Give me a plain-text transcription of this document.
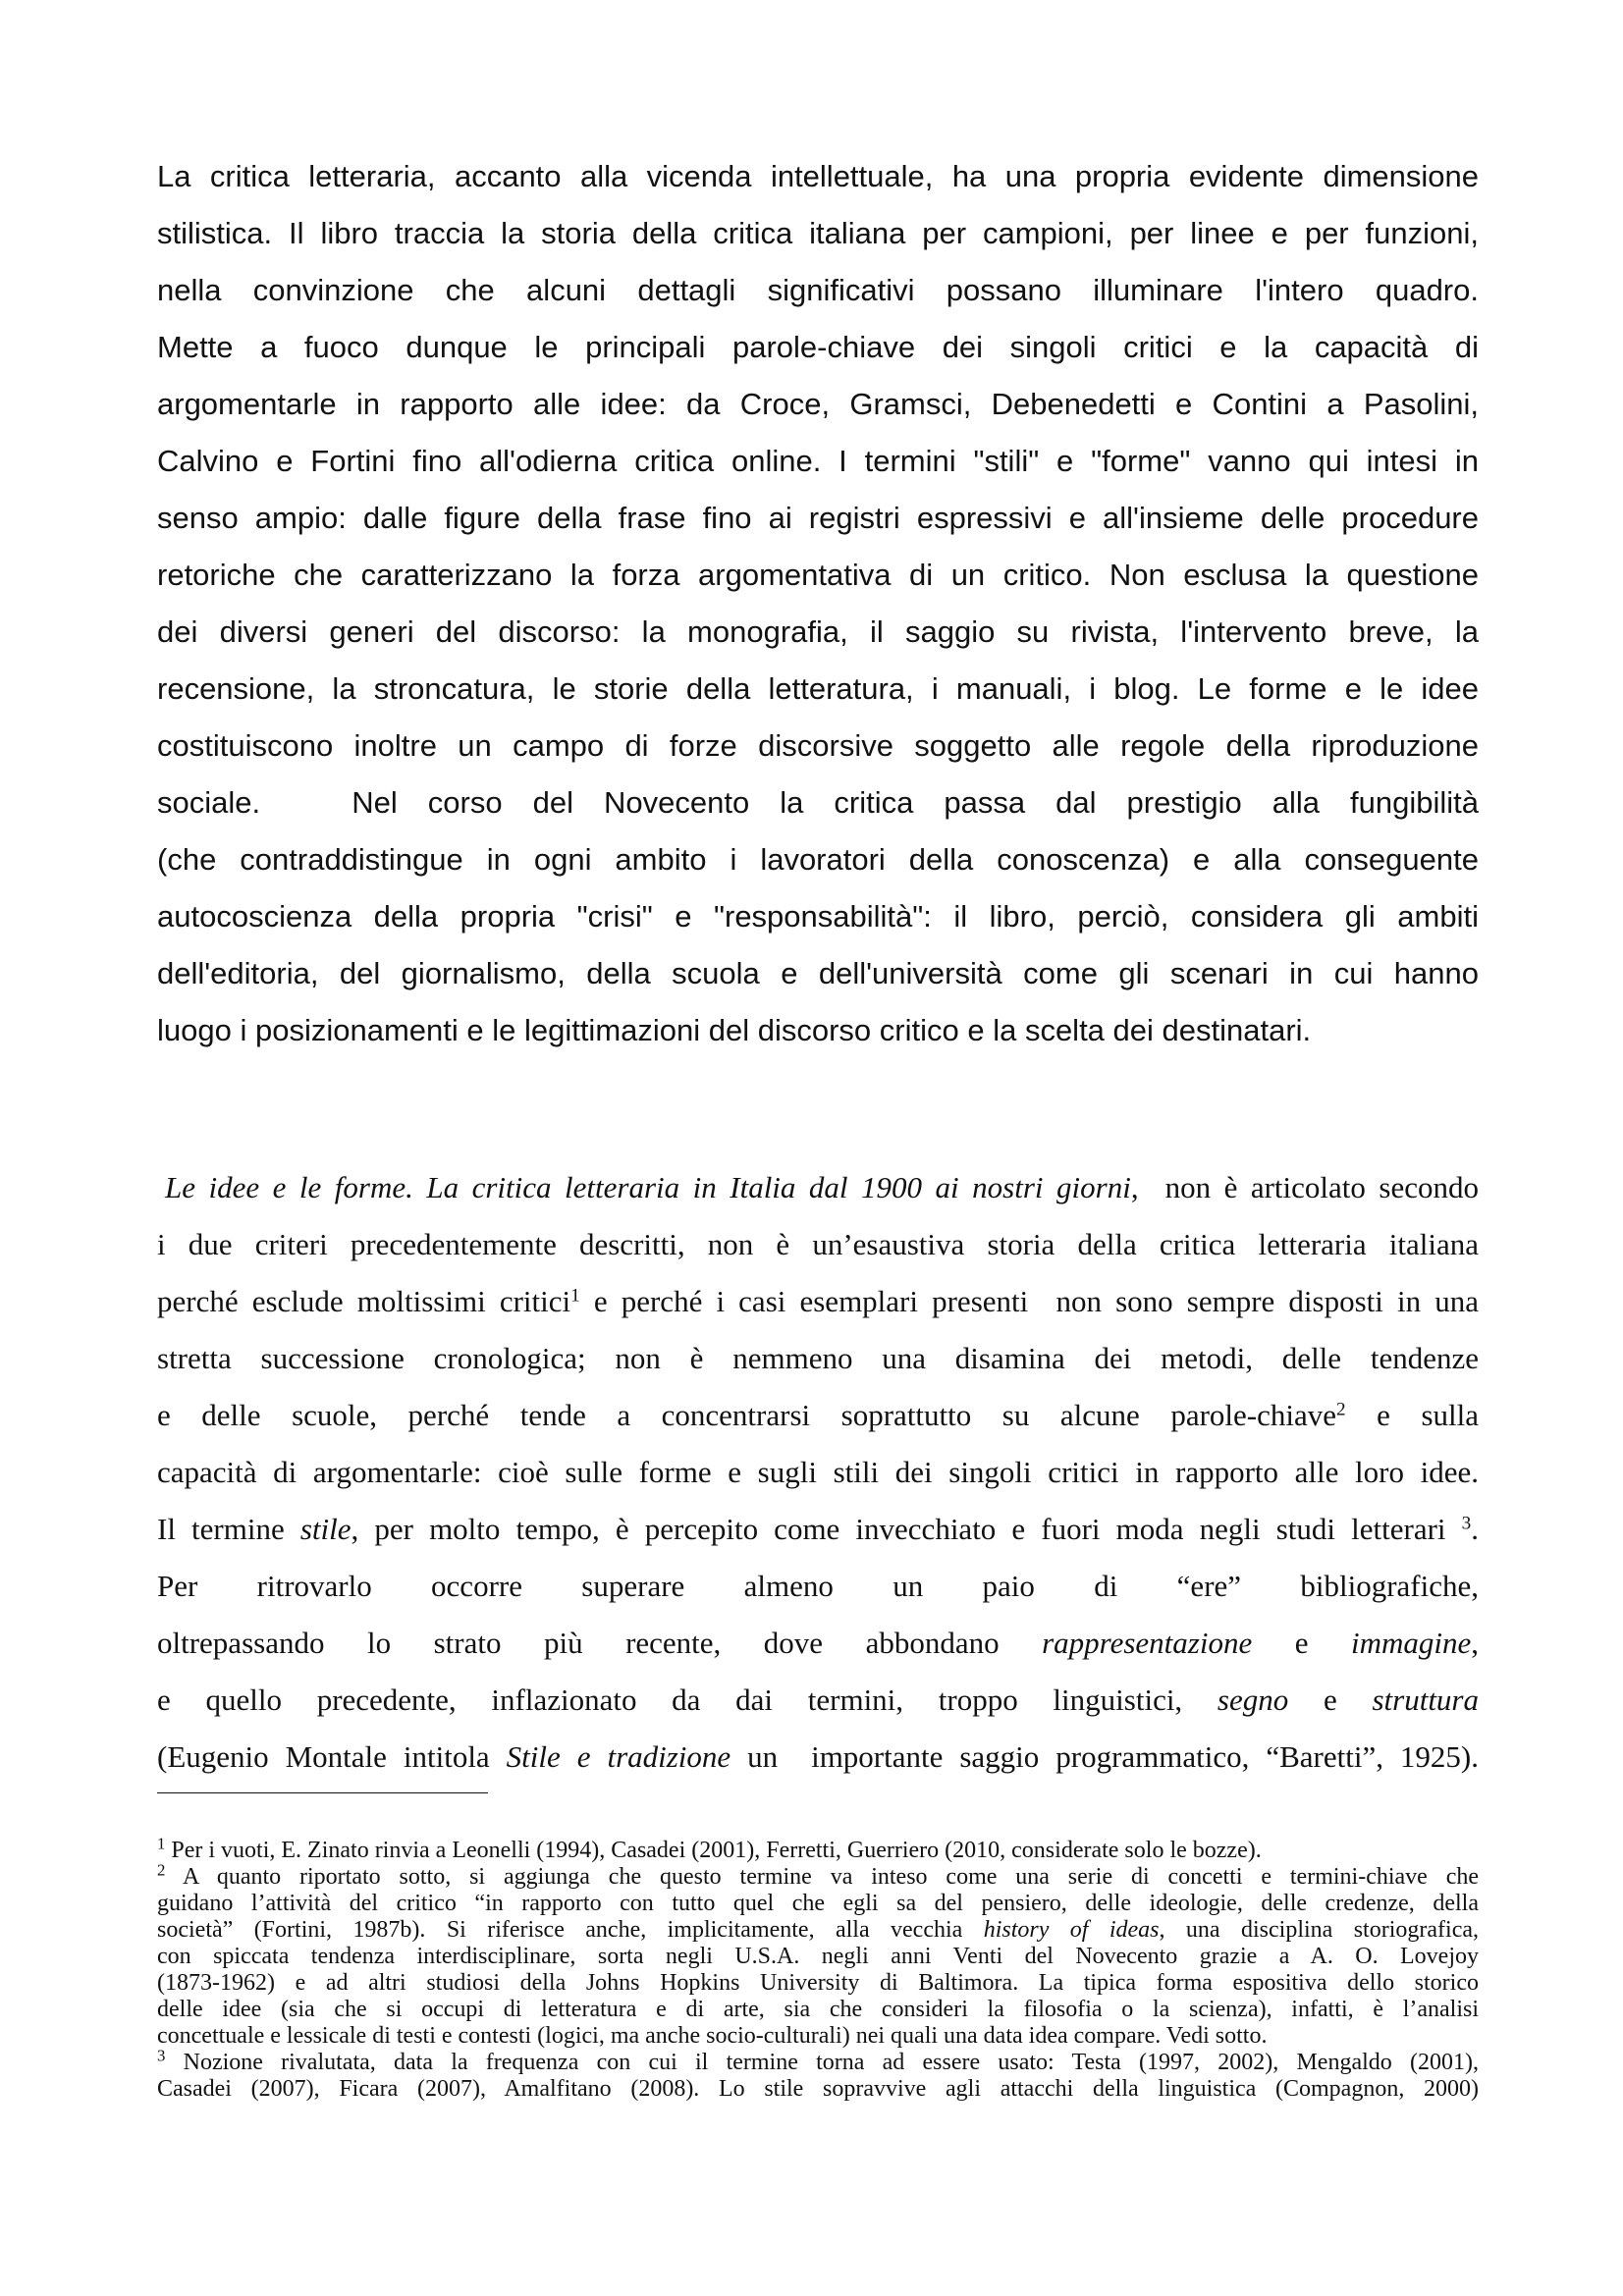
La critica letteraria, accanto alla vicenda intellettuale, ha una propria evidente dimensione
stilistica. Il libro traccia la storia della critica italiana per campioni, per linee e per funzioni,
nella convinzione che alcuni dettagli significativi possano illuminare l'intero quadro.
Mette a fuoco dunque le principali parole-chiave dei singoli critici e la capacità di
argomentarle in rapporto alle idee: da Croce, Gramsci, Debenedetti e Contini a Pasolini,
Calvino e Fortini fino all'odierna critica online. I termini "stili" e "forme" vanno qui intesi in
senso ampio: dalle figure della frase fino ai registri espressivi e all'insieme delle procedure
retoriche che caratterizzano la forza argomentativa di un critico. Non esclusa la questione
dei diversi generi del discorso: la monografia, il saggio su rivista, l'intervento breve, la
recensione, la stroncatura, le storie della letteratura, i manuali, i blog. Le forme e le idee
costituiscono inoltre un campo di forze discorsive soggetto alle regole della riproduzione
sociale.   Nel corso del Novecento la critica passa dal prestigio alla fungibilità
(che contraddistingue in ogni ambito i lavoratori della conoscenza) e alla conseguente
autocoscienza della propria "crisi" e "responsabilità": il libro, perciò, considera gli ambiti
dell'editoria, del giornalismo, della scuola e dell'università come gli scenari in cui hanno
luogo i posizionamenti e le legittimazioni del discorso critico e la scelta dei destinatari.
Le idee e le forme. La critica letteraria in Italia dal 1900 ai nostri giorni,  non è articolato secondo
i due criteri precedentemente descritti, non è un’esaustiva storia della critica letteraria italiana
perché esclude moltissimi critici$^1$ e perché i casi esemplari presenti  non sono sempre disposti in una
stretta successione cronologica; non è nemmeno una disamina dei metodi, delle tendenze
e delle scuole, perché tende a concentrarsi soprattutto su alcune parole-chiave$^2$ e sulla
capacità di argomentarle: cioè sulle forme e sugli stili dei singoli critici in rapporto alle loro idee.
Il termine stile, per molto tempo, è percepito come invecchiato e fuori moda negli studi letterari $^3$.
Per ritrovarlo occorre superare almeno un paio di “ere” bibliografiche,
oltrepassando lo strato più recente, dove abbondano rappresentazione e immagine,
e quello precedente, inflazionato da dai termini, troppo linguistici, segno e struttura
(Eugenio Montale intitola Stile e tradizione un  importante saggio programmatico, “Baretti”, 1925).
$^1$ Per i vuoti, E. Zinato rinvia a Leonelli (1994), Casadei (2001), Ferretti, Guerriero (2010, considerate solo le bozze).
$^2$ A quanto riportato sotto, si aggiunga che questo termine va inteso come una serie di concetti e termini-chiave che
guidano l’attività del critico “in rapporto con tutto quel che egli sa del pensiero, delle ideologie, delle credenze, della
società” (Fortini, 1987b). Si riferisce anche, implicitamente, alla vecchia history of ideas, una disciplina storiografica,
con spiccata tendenza interdisciplinare, sorta negli U.S.A. negli anni Venti del Novecento grazie a A. O. Lovejoy
(1873-1962) e ad altri studiosi della Johns Hopkins University di Baltimora. La tipica forma espositiva dello storico
delle idee (sia che si occupi di letteratura e di arte, sia che consideri la filosofia o la scienza), infatti, è l’analisi
concettuale e lessicale di testi e contesti (logici, ma anche socio-culturali) nei quali una data idea compare. Vedi sotto.
$^3$ Nozione rivalutata, data la frequenza con cui il termine torna ad essere usato: Testa (1997, 2002), Mengaldo (2001),
Casadei (2007), Ficara (2007), Amalfitano (2008). Lo stile sopravvive agli attacchi della linguistica (Compagnon, 2000)
